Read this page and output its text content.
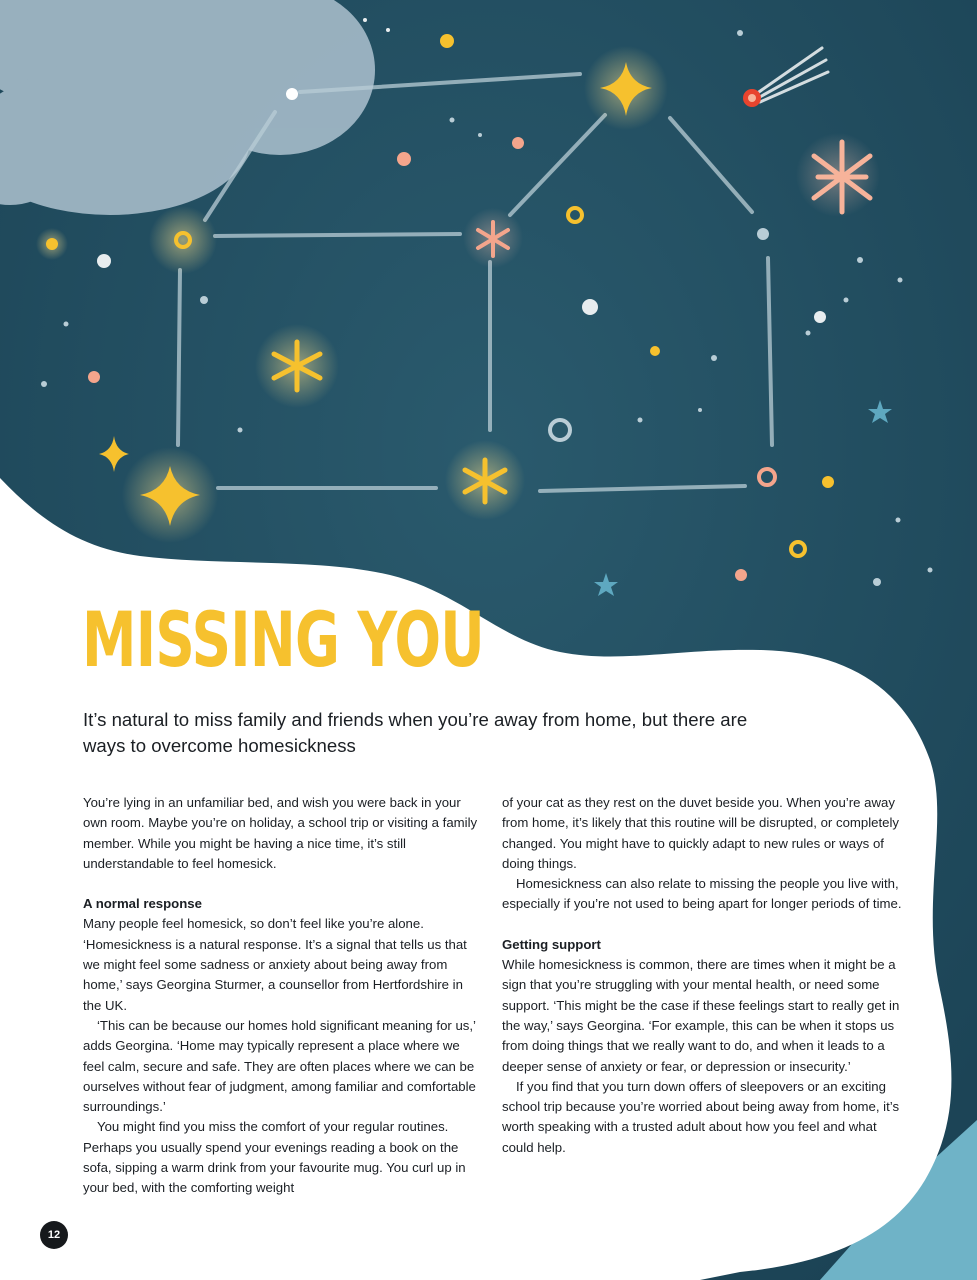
MISSING YOU
It’s natural to miss family and friends when you’re away from home, but there are ways to overcome homesickness

You’re lying in an unfamiliar bed, and wish you were back in your own room. Maybe you’re on holiday, a school trip or visiting a family member. While you might be having a nice time, it’s still understandable to feel homesick.

A normal response

Many people feel homesick, so don’t feel like you’re alone. ‘Homesickness is a natural response. It’s a signal that tells us that we might feel some sadness or anxiety about being away from home,’ says Georgina Sturmer, a counsellor from Hertfordshire in the UK.

‘This can be because our homes hold significant meaning for us,’ adds Georgina. ‘Home may typically represent a place where we feel calm, secure and safe. They are often places where we can be ourselves without fear of judgment, among familiar and comfortable surroundings.’

You might find you miss the comfort of your regular routines. Perhaps you usually spend your evenings reading a book on the sofa, sipping a warm drink from your favourite mug. You curl up in your bed, with the comforting weight

of your cat as they rest on the duvet beside you. When you’re away from home, it’s likely that this routine will be disrupted, or completely changed. You might have to quickly adapt to new rules or ways of doing things.

Homesickness can also relate to missing the people you live with, especially if you’re not used to being apart for longer periods of time.

Getting support

While homesickness is common, there are times when it might be a sign that you’re struggling with your mental health, or need some support. ‘This might be the case if these feelings start to really get in the way,’ says Georgina. ‘For example, this can be when it stops us from doing things that we really want to do, and when it leads to a deeper sense of anxiety or fear, or depression or insecurity.’

If you find that you turn down offers of sleepovers or an exciting school trip because you’re worried about being away from home, it’s worth speaking with a trusted adult about how you feel and what could help.

12
